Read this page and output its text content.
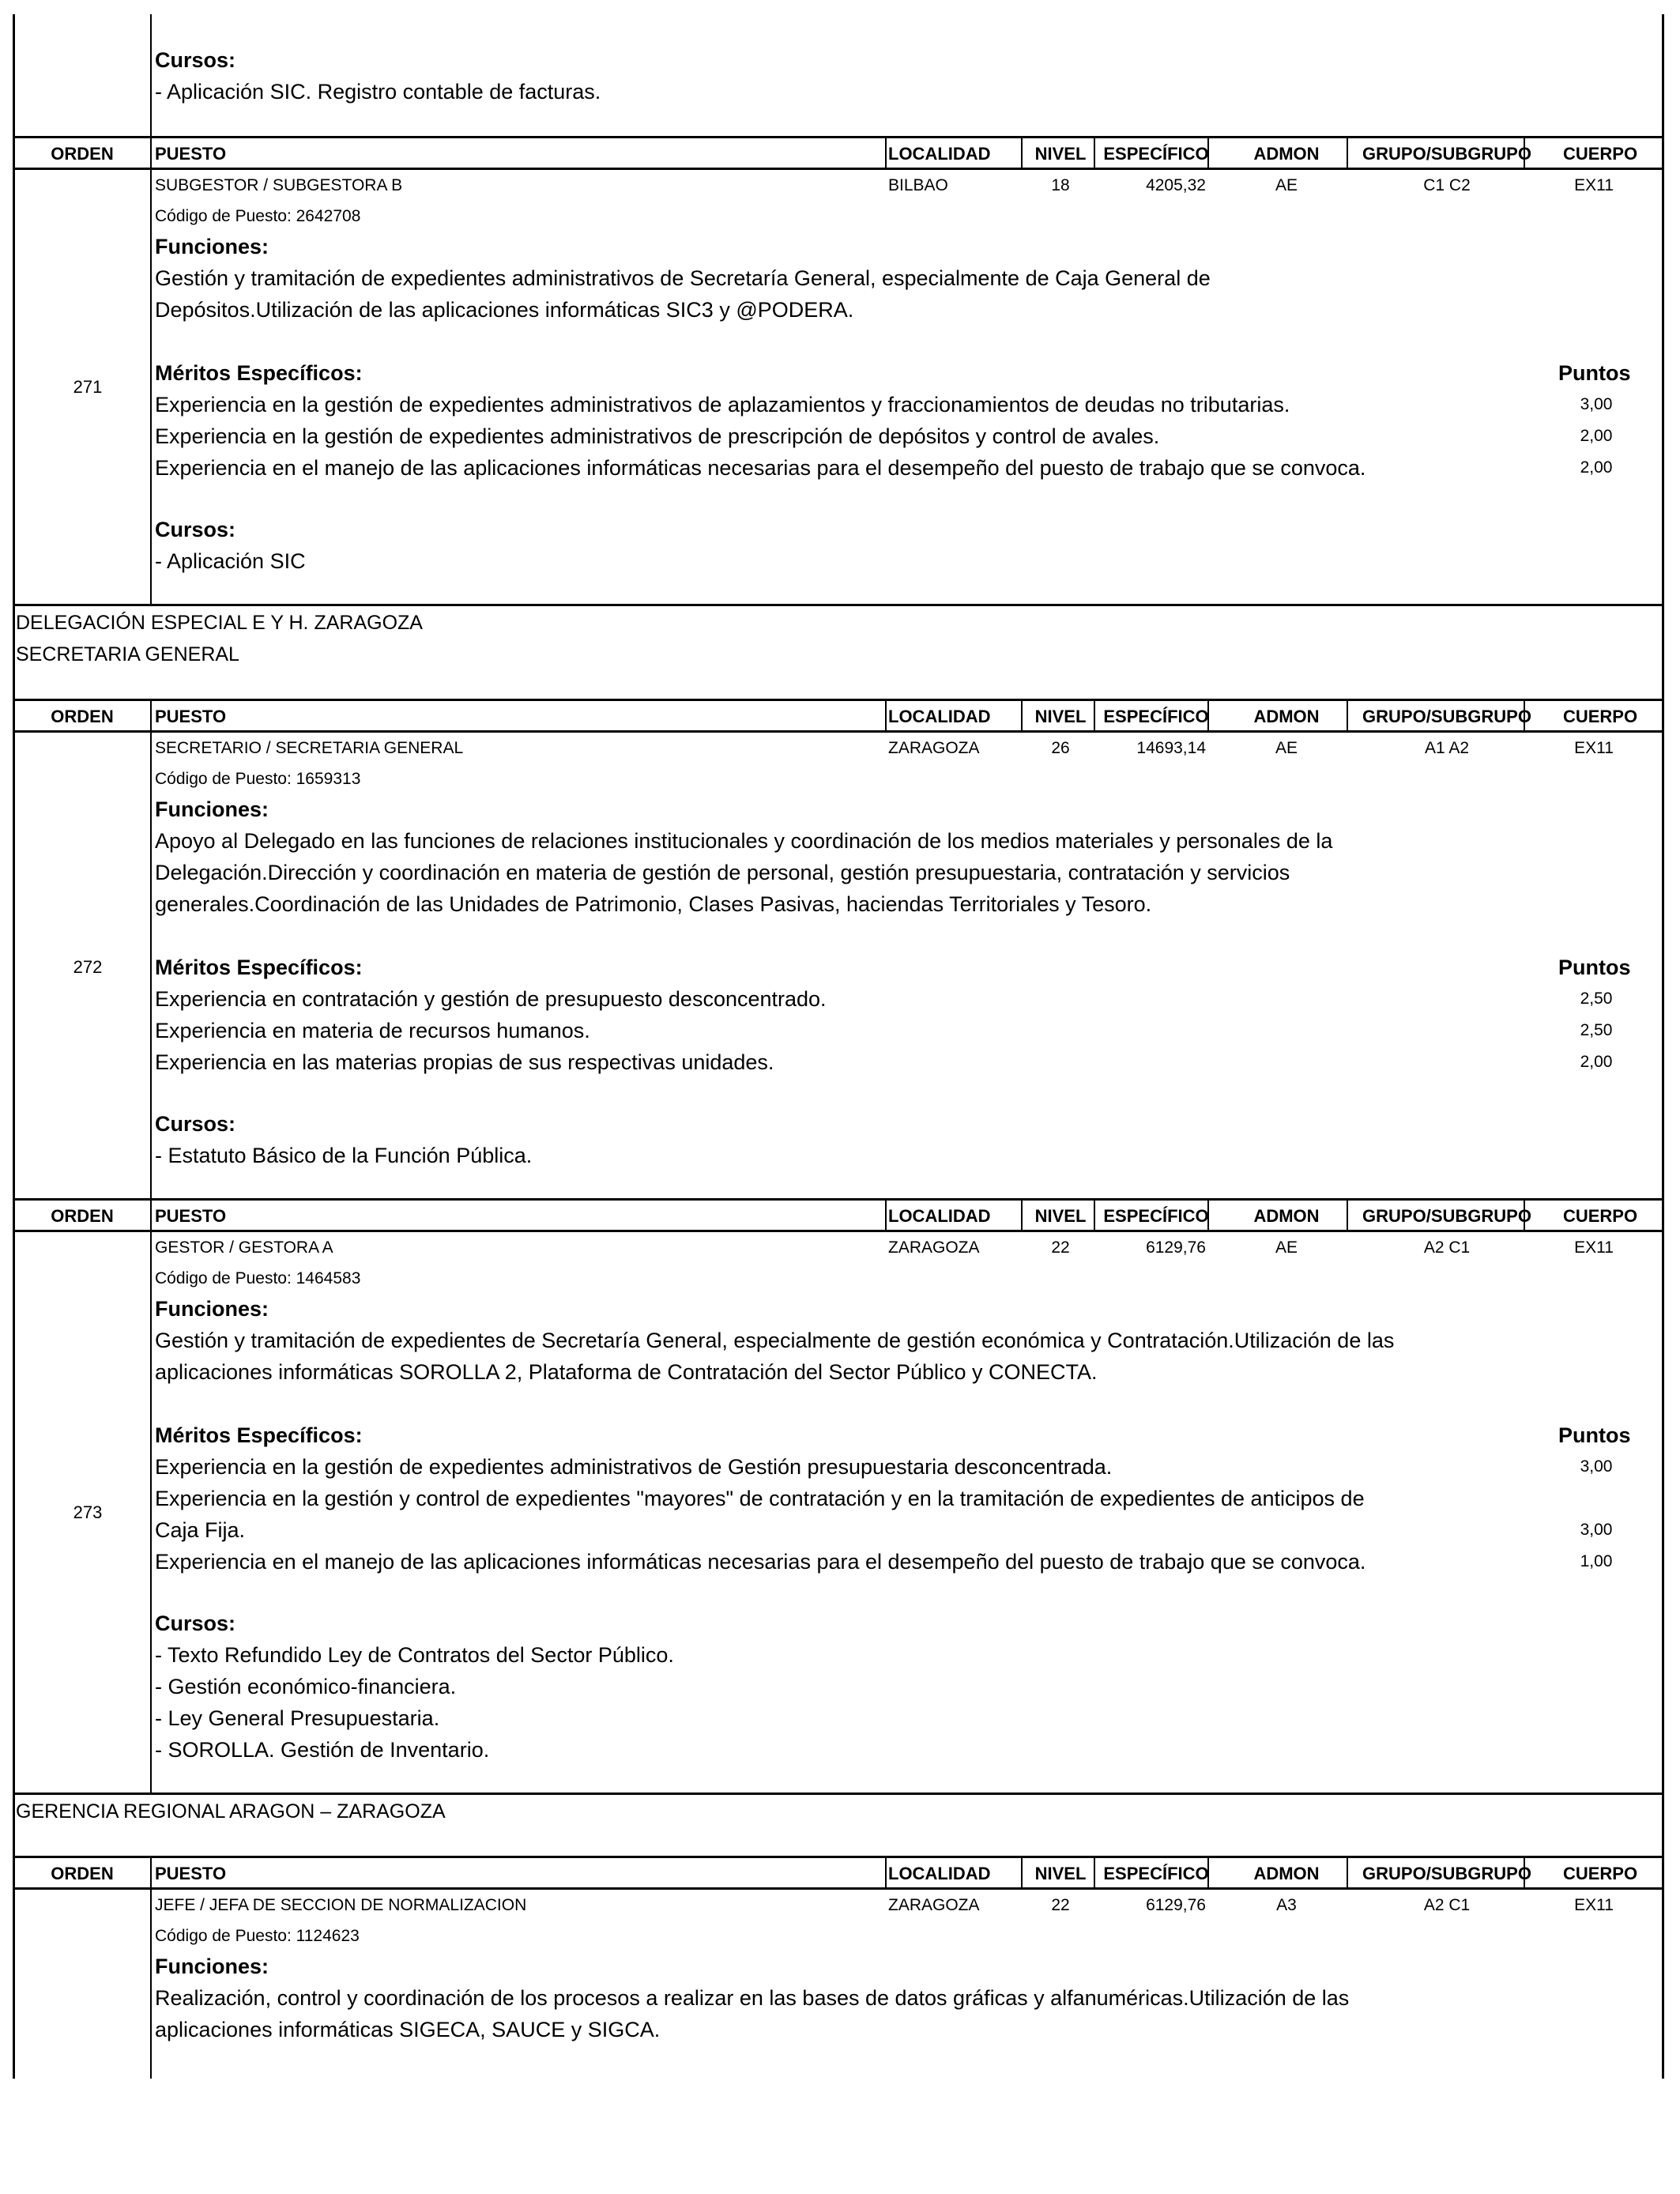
Cursos:
- Aplicación SIC. Registro contable de facturas.
ORDEN	PUESTO	LOCALIDAD	NIVEL ESPECÍFICO	ADMON	GRUPO/SUBGRUPO	CUERPO
SUBGESTOR / SUBGESTORA B	BILBAO	18	4205,32	AE	C1 C2	EX11
Código de Puesto: 2642708
Funciones:
Gestión y tramitación de expedientes administrativos de Secretaría General, especialmente de Caja General de
Depósitos.Utilización de las aplicaciones informáticas SIC3 y @PODERA.
271
Méritos Específicos:	Puntos
Experiencia en la gestión de expedientes administrativos de aplazamientos y fraccionamientos de deudas no tributarias.	3,00
Experiencia en la gestión de expedientes administrativos de prescripción de depósitos y control de avales.	2,00
Experiencia en el manejo de las aplicaciones informáticas necesarias para el desempeño del puesto de trabajo que se convoca.	2,00
Cursos:
- Aplicación SIC
DELEGACIÓN ESPECIAL E Y H. ZARAGOZA
SECRETARIA GENERAL
ORDEN	PUESTO	LOCALIDAD	NIVEL ESPECÍFICO	ADMON	GRUPO/SUBGRUPO	CUERPO
SECRETARIO / SECRETARIA GENERAL	ZARAGOZA	26	14693,14	AE	A1 A2	EX11
Código de Puesto: 1659313
Funciones:
Apoyo al Delegado en las funciones de relaciones institucionales y coordinación de los medios materiales y personales de la
Delegación.Dirección y coordinación en materia de gestión de personal, gestión presupuestaria, contratación y servicios
generales.Coordinación de las Unidades de Patrimonio, Clases Pasivas, haciendas Territoriales y Tesoro.
272	Méritos Específicos:	Puntos
Experiencia en contratación y gestión de presupuesto desconcentrado.	2,50
Experiencia en materia de recursos humanos.	2,50
Experiencia en las materias propias de sus respectivas unidades.	2,00
Cursos:
- Estatuto Básico de la Función Pública.
ORDEN	PUESTO	LOCALIDAD	NIVEL ESPECÍFICO	ADMON	GRUPO/SUBGRUPO	CUERPO
GESTOR / GESTORA A	ZARAGOZA	22	6129,76	AE	A2 C1	EX11
Código de Puesto: 1464583
Funciones:
Gestión y tramitación de expedientes de Secretaría General, especialmente de gestión económica y Contratación.Utilización de las
aplicaciones informáticas SOROLLA 2, Plataforma de Contratación del Sector Público y CONECTA.
Méritos Específicos:	Puntos
Experiencia en la gestión de expedientes administrativos de Gestión presupuestaria desconcentrada.	3,00
273
Experiencia en la gestión y control de expedientes "mayores" de contratación y en la tramitación de expedientes de anticipos de
Caja Fija.	3,00
Experiencia en el manejo de las aplicaciones informáticas necesarias para el desempeño del puesto de trabajo que se convoca.	1,00
Cursos:
- Texto Refundido Ley de Contratos del Sector Público.
- Gestión económico-financiera.
- Ley General Presupuestaria.
- SOROLLA. Gestión de Inventario.
GERENCIA REGIONAL ARAGON – ZARAGOZA
ORDEN	PUESTO	LOCALIDAD	NIVEL ESPECÍFICO	ADMON	GRUPO/SUBGRUPO	CUERPO
JEFE / JEFA DE SECCION DE NORMALIZACION	ZARAGOZA	22	6129,76	A3	A2 C1	EX11
Código de Puesto: 1124623
Funciones:
Realización, control y coordinación de los procesos a realizar en las bases de datos gráficas y alfanuméricas.Utilización de las
aplicaciones informáticas SIGECA, SAUCE y SIGCA.
